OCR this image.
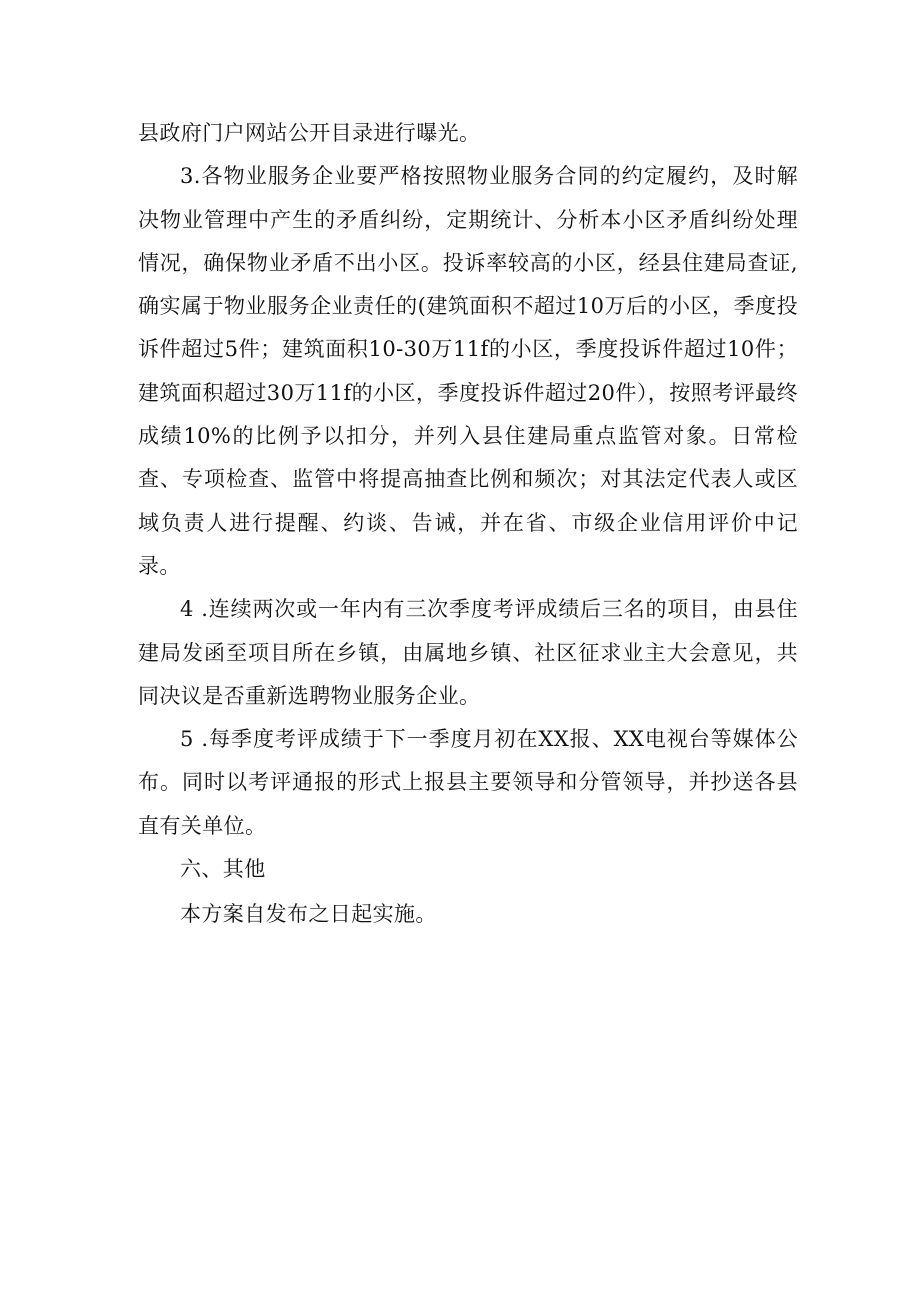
县政府门户网站公开目录进行曝光。

3.各物业服务企业要严格按照物业服务合同的约定履约，及时解决物业管理中产生的矛盾纠纷，定期统计、分析本小区矛盾纠纷处理情况，确保物业矛盾不出小区。投诉率较高的小区，经县住建局查证,确实属于物业服务企业责任的(建筑面积不超过10万后的小区，季度投诉件超过5件；建筑面积10-30万11f的小区，季度投诉件超过10件；建筑面积超过30万11f的小区，季度投诉件超过20件），按照考评最终成绩10%的比例予以扣分，并列入县住建局重点监管对象。日常检查、专项检查、监管中将提高抽查比例和频次；对其法定代表人或区域负责人进行提醒、约谈、告诫，并在省、市级企业信用评价中记录。

4 .连续两次或一年内有三次季度考评成绩后三名的项目，由县住建局发函至项目所在乡镇，由属地乡镇、社区征求业主大会意见，共同决议是否重新选聘物业服务企业。

5 .每季度考评成绩于下一季度月初在XX报、XX电视台等媒体公布。同时以考评通报的形式上报县主要领导和分管领导，并抄送各县直有关单位。

六、其他

本方案自发布之日起实施。
